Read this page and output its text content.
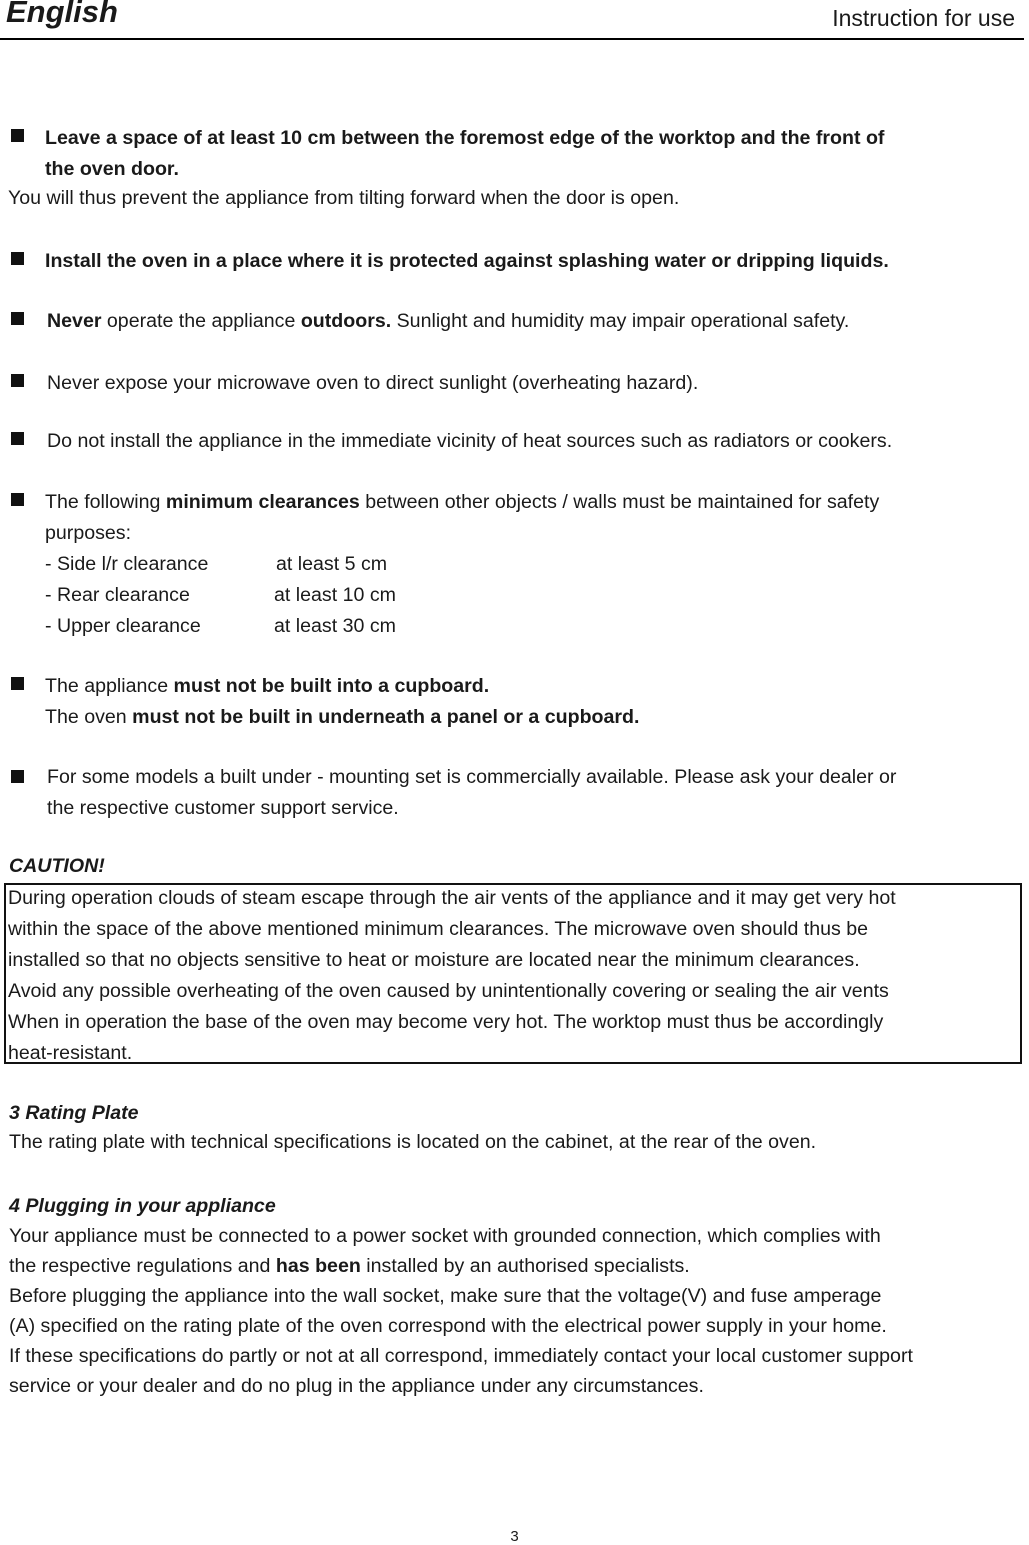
English	Instruction for use
Leave a space of at least 10 cm between the foremost edge of the worktop and the front of
the oven door.
You will thus prevent the appliance from tilting forward when the door is open.
Install the oven in a place where it is protected against splashing water or dripping liquids.
Never operate the appliance outdoors. Sunlight and humidity may impair operational safety.
Never expose your microwave oven to direct sunlight (overheating hazard).
Do not install the appliance in the immediate vicinity of heat sources such as radiators or cookers.
The following minimum clearances between other objects / walls must be maintained for safety
purposes:
- Side l/r clearance	at least 5 cm
- Rear clearance	at least 10 cm
- Upper clearance	at least 30 cm
The appliance must not be built into a cupboard.
The oven must not be built in underneath a panel or a cupboard.
For some models a built under - mounting set is commercially available. Please ask your dealer or
the respective customer support service.
CAUTION!
During operation clouds of steam escape through the air vents of the appliance and it may get very hot
within the space of the above mentioned minimum clearances. The microwave oven should thus be
installed so that no objects sensitive to heat or moisture are located near the minimum clearances.
Avoid any possible overheating of the oven caused by unintentionally covering or sealing the air vents
When in operation the base of the oven may become very hot. The worktop must thus be accordingly
heat-resistant.
3 Rating Plate
The rating plate with technical specifications is located on the cabinet, at the rear of the oven.
4 Plugging in your appliance
Your appliance must be connected to a power socket with grounded connection, which complies with
the respective regulations and has been installed by an authorised specialists.
Before plugging the appliance into the wall socket, make sure that the voltage(V) and fuse amperage
(A) specified on the rating plate of the oven correspond with the electrical power supply in your home.
If these specifications do partly or not at all correspond, immediately contact your local customer support
service or your dealer and do no plug in the appliance under any circumstances.
3
